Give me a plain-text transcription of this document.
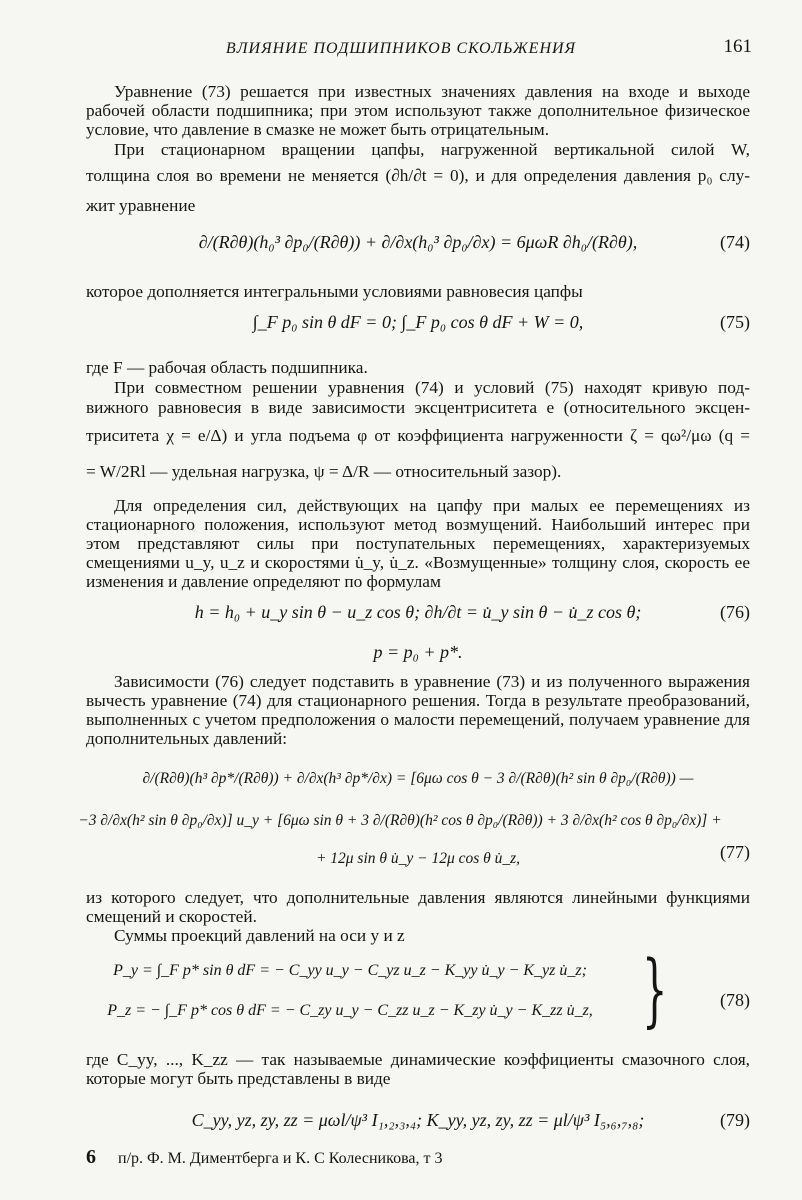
ВЛИЯНИЕ ПОДШИПНИКОВ СКОЛЬЖЕНИЯ	161

Уравнение (73) решается при известных значениях давления на входе и выходе рабочей области подшипника; при этом используют также дополнительное физическое условие, что давление в смазке не может быть отрицательным.

При стационарном вращении цапфы, нагруженной вертикальной силой W,
толщина слоя во времени не меняется (∂h/∂t = 0), и для определения давления p₀ слу-
жит уравнение
∂/(R∂θ)(h₀³ ∂p₀/(R∂θ)) + ∂/∂x(h₀³ ∂p₀/∂x) = 6μωR ∂h₀/(R∂θ),	(74)

которое дополняется интегральными условиями равновесия цапфы

∫_F p₀ sin θ dF = 0; ∫_F p₀ cos θ dF + W = 0,	(75)

где F — рабочая область подшипника.

При совместном решении уравнения (74) и условий (75) находят кривую под-
вижного равновесия в виде зависимости эксцентриситета e (относительного эксцен-
триситета χ = e/Δ) и угла подъема φ от коэффициента нагруженности ζ = qω²/μω (q =
= W/2Rl — удельная нагрузка, ψ = Δ/R — относительный зазор).

Для определения сил, действующих на цапфу при малых ее перемещениях из стационарного положения, используют метод возмущений. Наибольший интерес при этом представляют силы при поступательных перемещениях, характеризуемых смещениями u_y, u_z и скоростями u̇_y, u̇_z. «Возмущенные» толщину слоя, скорость ее изменения и давление определяют по формулам

h = h₀ + u_y sin θ − u_z cos θ; ∂h/∂t = u̇_y sin θ − u̇_z cos θ;	(76)
p = p₀ + p*.

Зависимости (76) следует подставить в уравнение (73) и из полученного выражения вычесть уравнение (74) для стационарного решения. Тогда в результате преобразований, выполненных с учетом предположения о малости перемещений, получаем уравнение для дополнительных давлений:

∂/(R∂θ)(h³ ∂p*/(R∂θ)) + ∂/∂x(h³ ∂p*/∂x) = [6μω cos θ − 3 ∂/(R∂θ)(h² sin θ ∂p₀/(R∂θ)) —
−3 ∂/∂x(h² sin θ ∂p₀/∂x)] u_y + [6μω sin θ + 3 ∂/(R∂θ)(h² cos θ ∂p₀/(R∂θ)) + 3 ∂/∂x(h² cos θ ∂p₀/∂x)] +
+ 12μ sin θ u̇_y − 12μ cos θ u̇_z,	(77)

из которого следует, что дополнительные давления являются линейными функциями смещений и скоростей.

Суммы проекций давлений на оси y и z

P_y = ∫_F p* sin θ dF = − C_yy u_y − C_yz u_z − K_yy u̇_y − K_yz u̇_z;
P_z = − ∫_F p* cos θ dF = − C_zy u_y − C_zz u_z − K_zy u̇_y − K_zz u̇_z, }	(78)

где C_yy, ..., K_zz — так называемые динамические коэффициенты смазочного слоя, которые могут быть представлены в виде

C_yy, yz, zy, zz = μωl/ψ³ I₁,₂,₃,₄; K_yy, yz, zy, zz = μl/ψ³ I₅,₆,₇,₈;	(79)
6 п/р. Ф. М. Диментберга и К. С Колесникова, т 3
